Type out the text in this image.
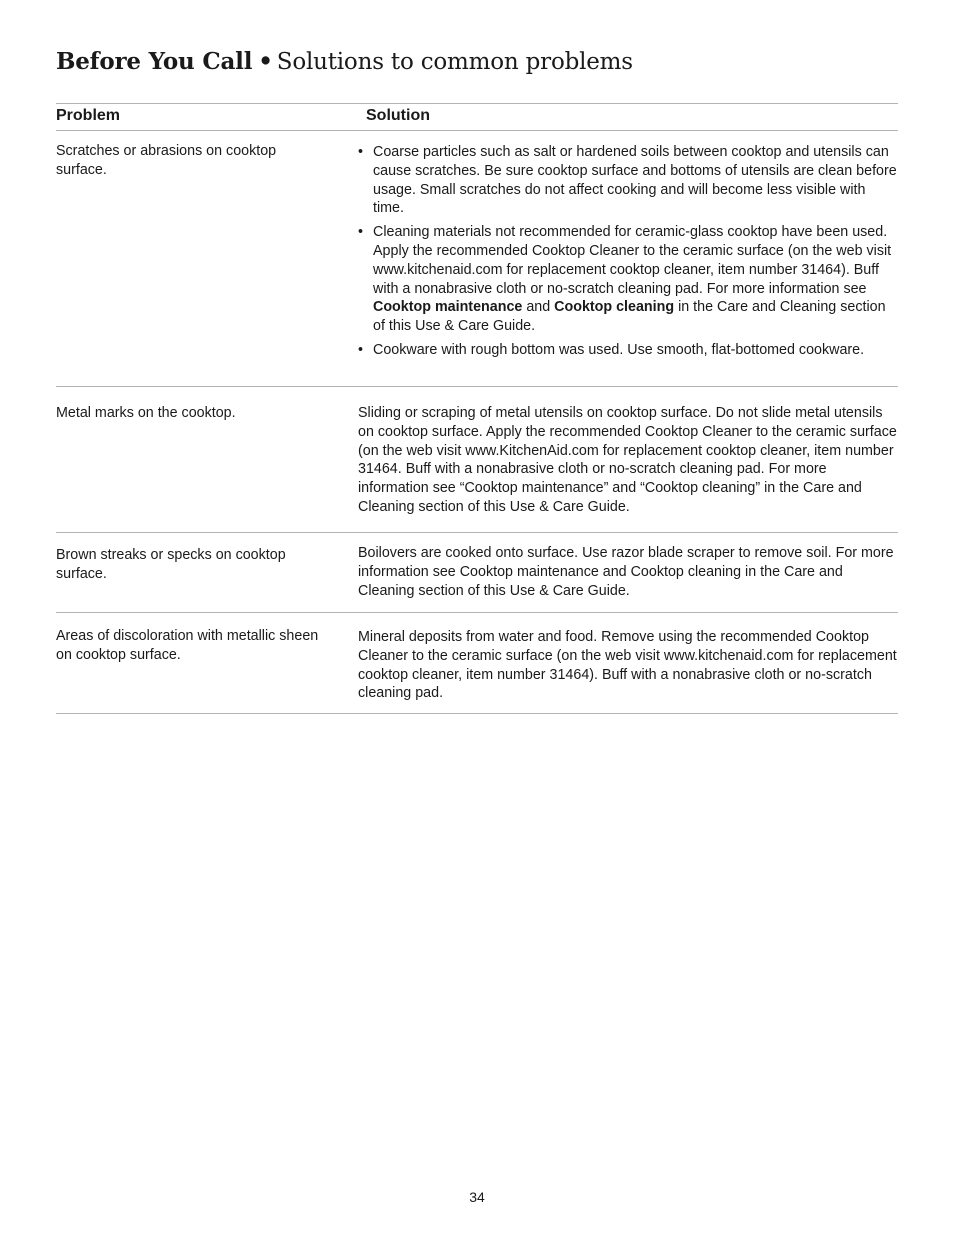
Before You Call • Solutions to common problems
Problem	Solution
Scratches or abrasions on cooktop surface.
• Coarse particles such as salt or hardened soils between cooktop and utensils can cause scratches. Be sure cooktop surface and bottoms of utensils are clean before usage. Small scratches do not affect cooking and will become less visible with time.
• Cleaning materials not recommended for ceramic-glass cooktop have been used. Apply the recommended Cooktop Cleaner to the ceramic surface (on the web visit www.kitchenaid.com for replacement cooktop cleaner, item number 31464). Buff with a nonabrasive cloth or no-scratch cleaning pad. For more information see Cooktop maintenance and Cooktop cleaning in the Care and Cleaning section of this Use & Care Guide.
• Cookware with rough bottom was used. Use smooth, flat-bottomed cookware.
Metal marks on the cooktop.	Sliding or scraping of metal utensils on cooktop surface. Do not slide metal utensils on cooktop surface. Apply the recommended Cooktop Cleaner to the ceramic surface (on the web visit www.KitchenAid.com for replacement cooktop cleaner, item number 31464. Buff with a nonabrasive cloth or no-scratch cleaning pad. For more information see “Cooktop maintenance” and “Cooktop cleaning” in the Care and Cleaning section of this Use & Care Guide.
Brown streaks or specks on cooktop surface.
Boilovers are cooked onto surface. Use razor blade scraper to remove soil. For more information see Cooktop maintenance and Cooktop cleaning in the Care and Cleaning section of this Use & Care Guide.
Areas of discoloration with metallic sheen on cooktop surface.
Mineral deposits from water and food. Remove using the recommended Cooktop Cleaner to the ceramic surface (on the web visit www.kitchenaid.com for replacement cooktop cleaner, item number 31464). Buff with a nonabrasive cloth or no-scratch cleaning pad.
34
